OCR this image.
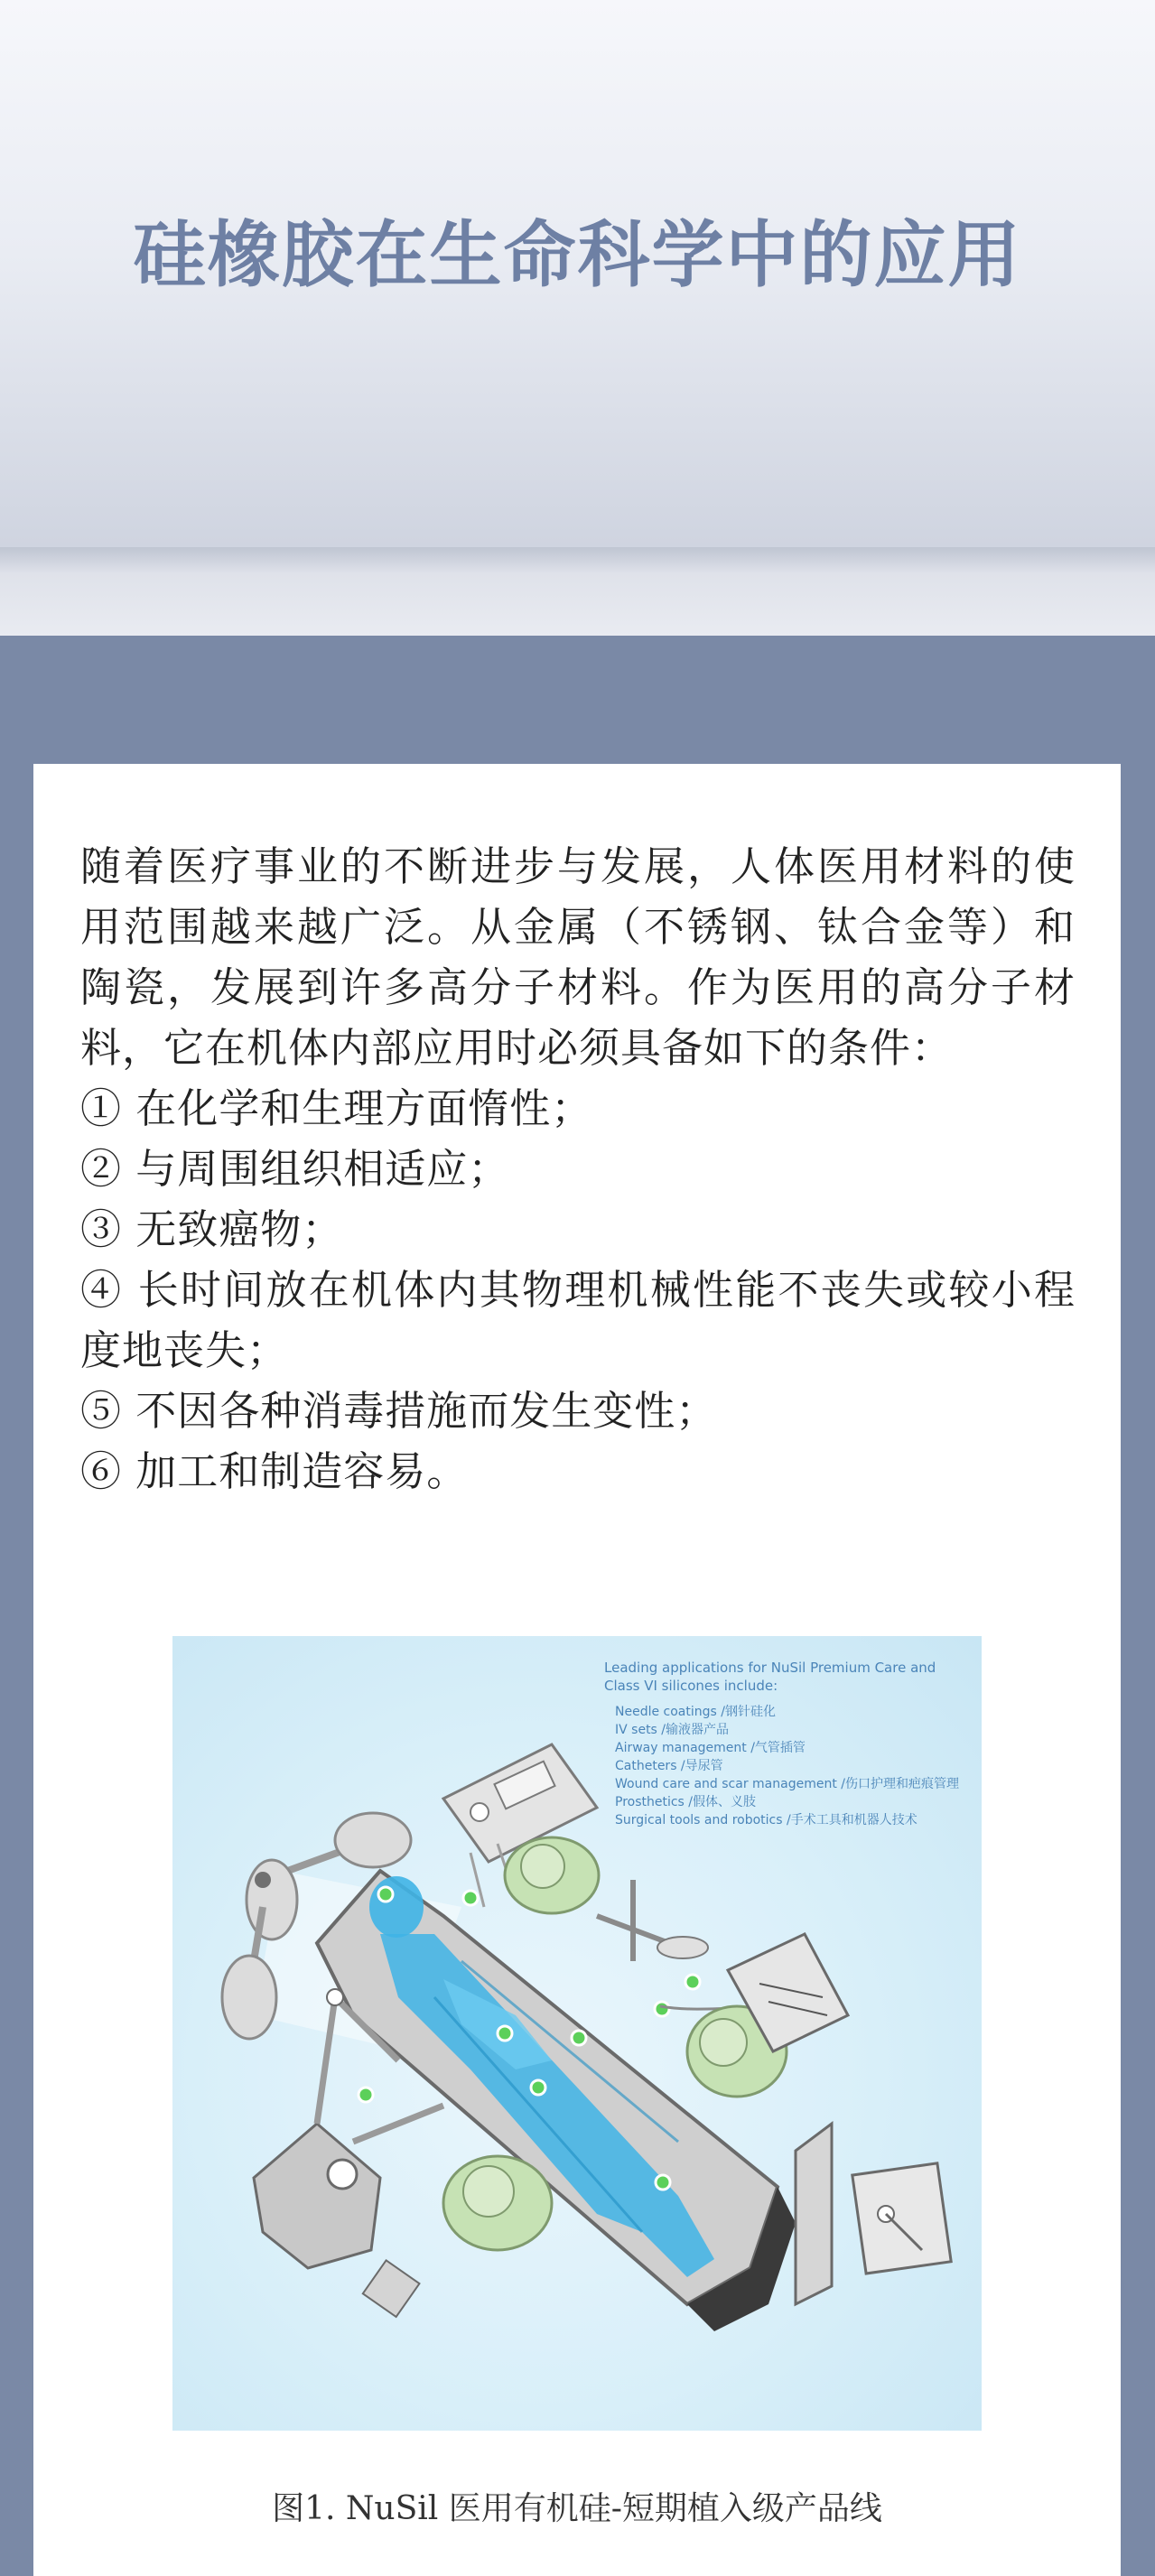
硅橡胶在生命科学中的应用

随着医疗事业的不断进步与发展，人体医用材料的使用范围越来越广泛。从金属（不锈钢、钛合金等）和陶瓷，发展到许多高分子材料。作为医用的高分子材料，它在机体内部应用时必须具备如下的条件：

① 在化学和生理方面惰性；

② 与周围组织相适应；

③ 无致癌物；

④ 长时间放在机体内其物理机械性能不丧失或较小程度地丧失；

⑤ 不因各种消毒措施而发生变性；

⑥ 加工和制造容易。

Leading applications for NuSil Premium Care and
Class VI silicones include:
Needle coatings /钢针硅化
IV sets /输液器产品
Airway management /气管插管
Catheters /导尿管
Wound care and scar management /伤口护理和疤痕管理
Prosthetics /假体、义肢
Surgical tools and robotics /手术工具和机器人技术
图1. NuSil 医用有机硅-短期植入级产品线
